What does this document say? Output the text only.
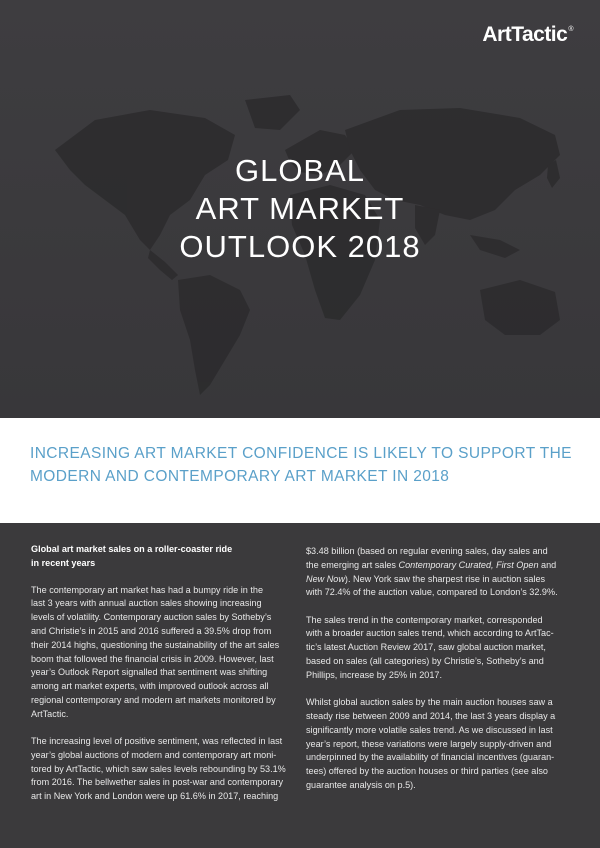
ArtTactic®
GLOBAL
ART MARKET
OUTLOOK 2018
INCREASING ART MARKET CONFIDENCE IS LIKELY TO SUPPORT THE
MODERN AND CONTEMPORARY ART MARKET IN 2018
Global art market sales on a roller-coaster ride
in recent years
The contemporary art market has had a bumpy ride in the
last 3 years with annual auction sales showing increasing
levels of volatility. Contemporary auction sales by Sotheby’s
and Christie’s in 2015 and 2016 suffered a 39.5% drop from
their 2014 highs, questioning the sustainability of the art sales
boom that followed the financial crisis in 2009. However, last
year’s Outlook Report signalled that sentiment was shifting
among art market experts, with improved outlook across all
regional contemporary and modern art markets monitored by
ArtTactic.
The increasing level of positive sentiment, was reflected in last
year’s global auctions of modern and contemporary art moni-
tored by ArtTactic, which saw sales levels rebounding by 53.1%
from 2016. The bellwether sales in post-war and contemporary
art in New York and London were up 61.6% in 2017, reaching
$3.48 billion (based on regular evening sales, day sales and
the emerging art sales Contemporary Curated, First Open and
New Now). New York saw the sharpest rise in auction sales
with 72.4% of the auction value, compared to London’s 32.9%.
The sales trend in the contemporary market, corresponded
with a broader auction sales trend, which according to ArtTac-
tic’s latest Auction Review 2017, saw global auction market,
based on sales (all categories) by Christie’s, Sotheby’s and
Phillips, increase by 25% in 2017.
Whilst global auction sales by the main auction houses saw a
steady rise between 2009 and 2014, the last 3 years display a
significantly more volatile sales trend. As we discussed in last
year’s report, these variations were largely supply-driven and
underpinned by the availability of financial incentives (guaran-
tees) offered by the auction houses or third parties (see also
guarantee analysis on p.5).
